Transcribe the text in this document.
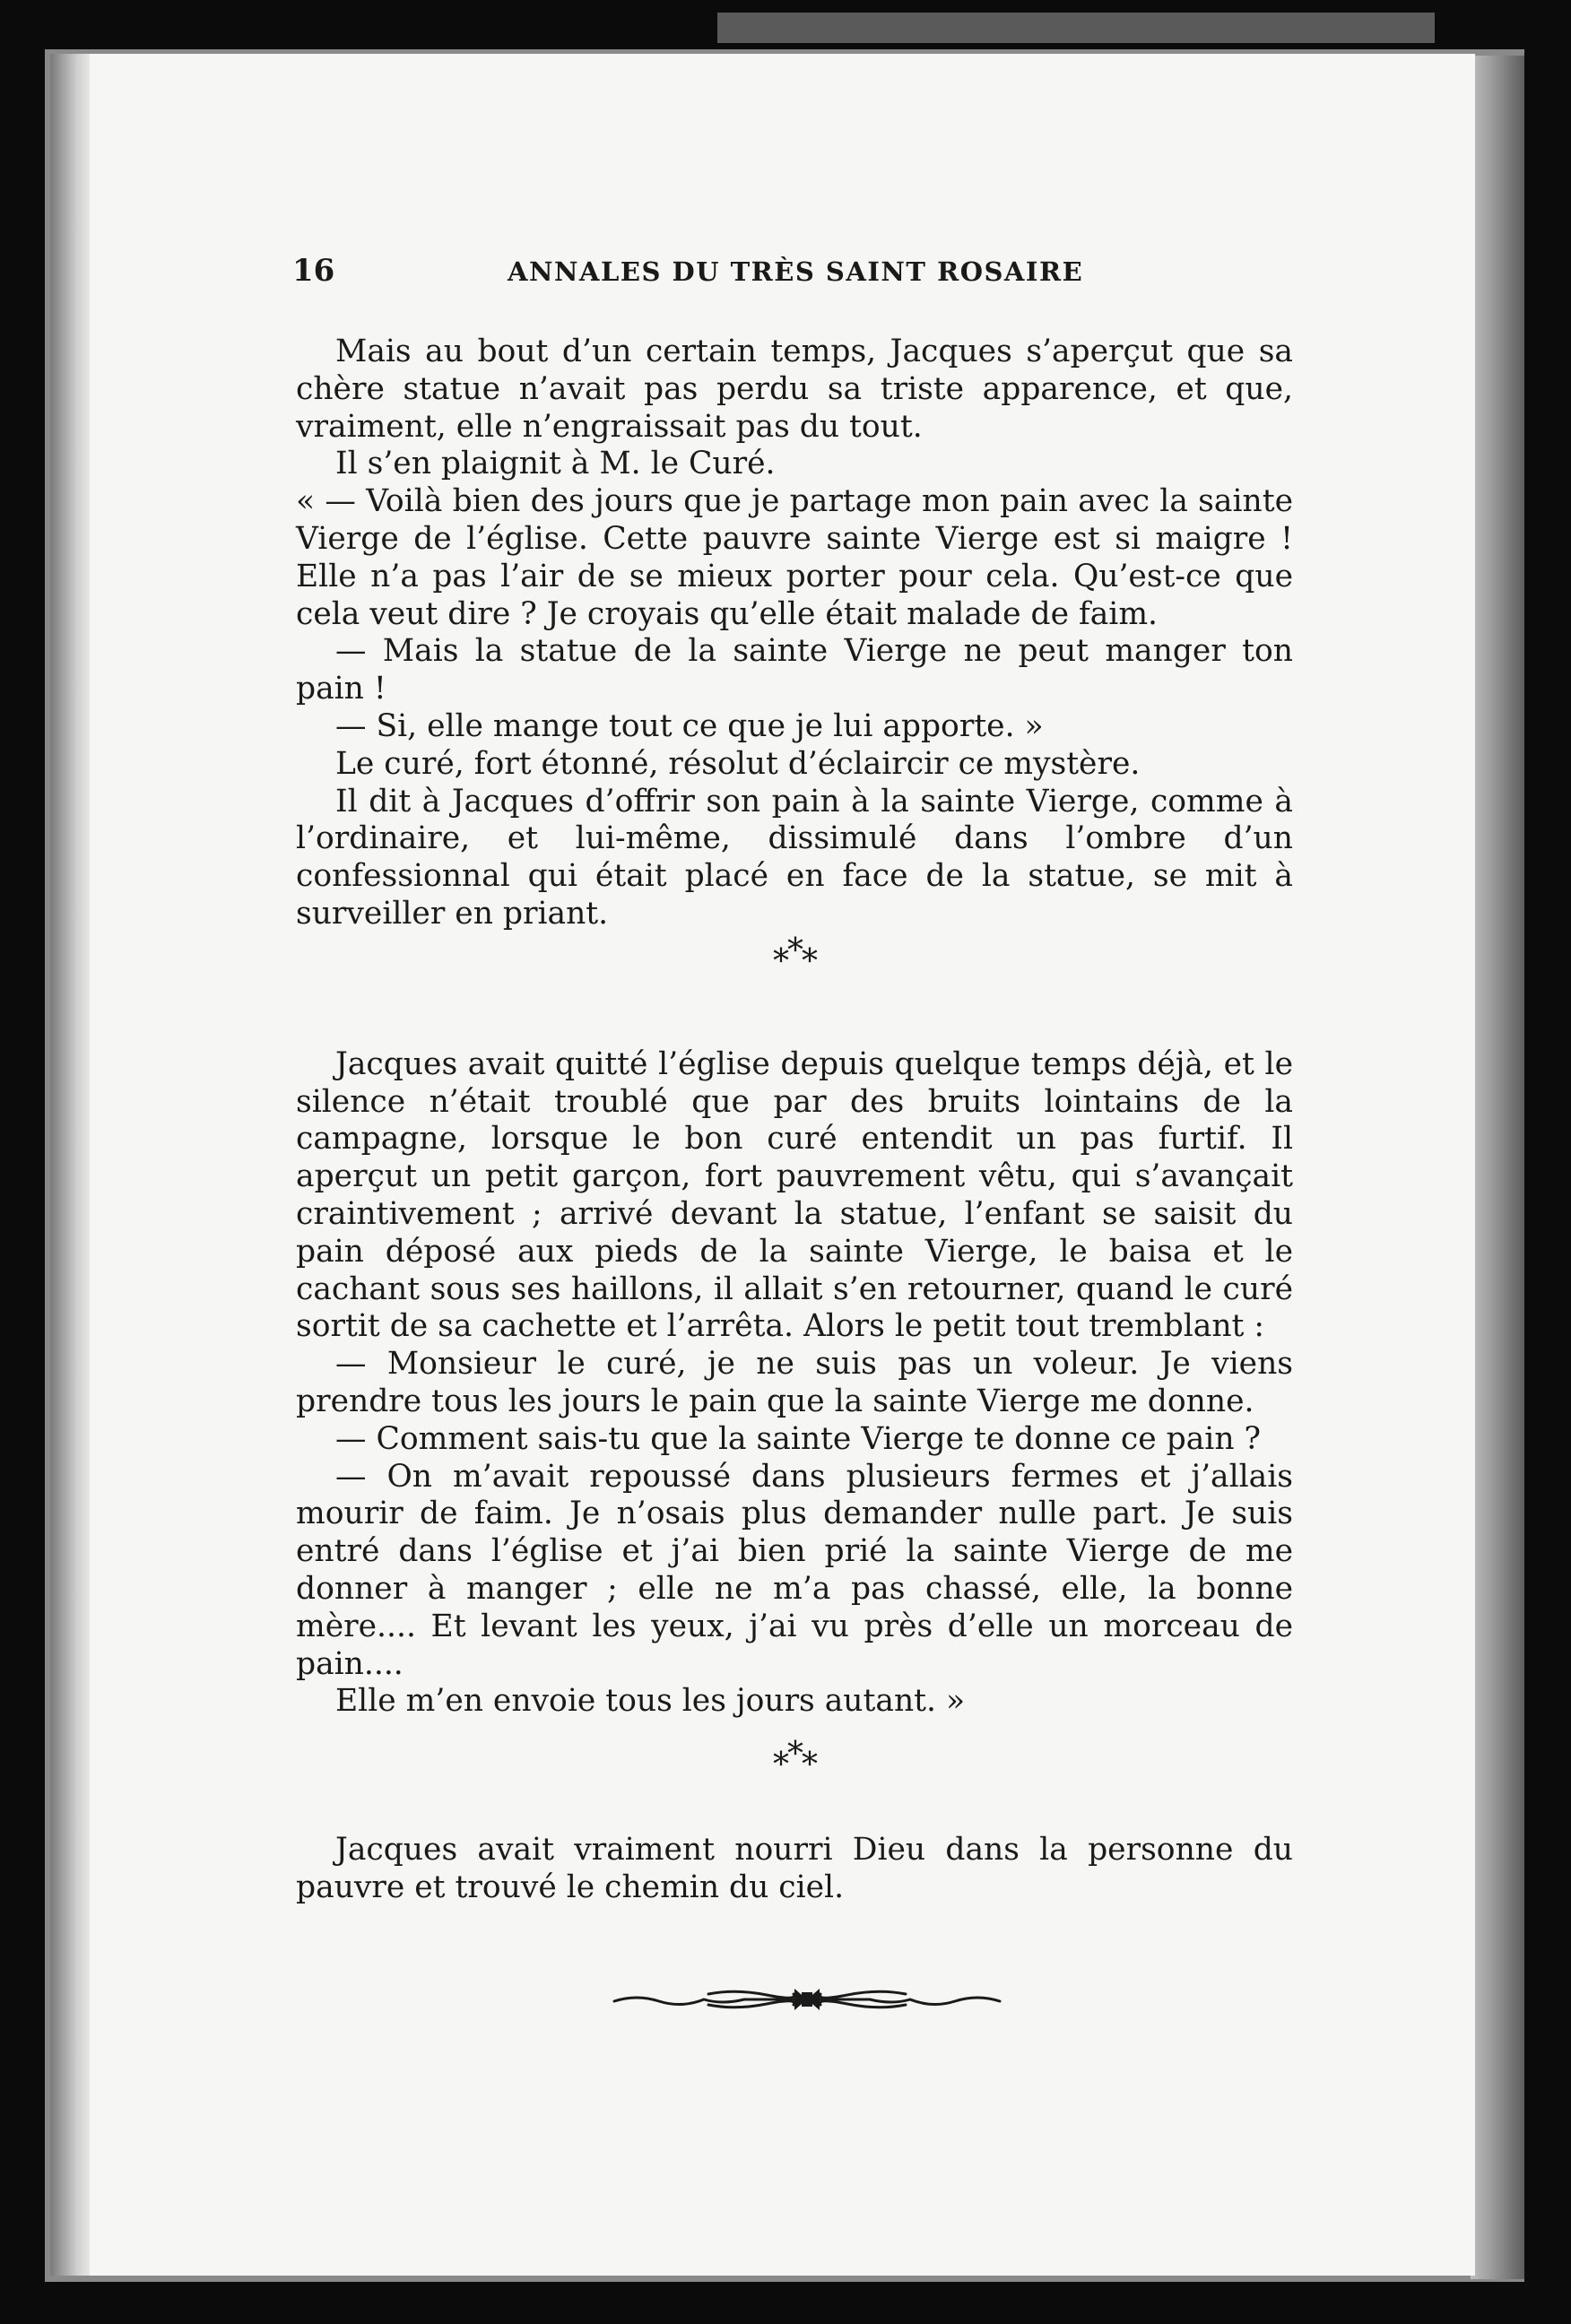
16	ANNALES DU TRÈS SAINT ROSAIRE

Mais au bout d’un certain temps, Jacques s’aperçut que sa chère statue n’avait pas perdu sa triste apparence, et que, vraiment, elle n’engraissait pas du tout.

Il s’en plaignit à M. le Curé.

« — Voilà bien des jours que je partage mon pain avec la sainte Vierge de l’église. Cette pauvre sainte Vierge est si maigre ! Elle n’a pas l’air de se mieux porter pour cela. Qu’est-ce que cela veut dire ? Je croyais qu’elle était malade de faim.

— Mais la statue de la sainte Vierge ne peut manger ton pain !

— Si, elle mange tout ce que je lui apporte. »

Le curé, fort étonné, résolut d’éclaircir ce mystère.

Il dit à Jacques d’offrir son pain à la sainte Vierge, comme à l’ordinaire, et lui-même, dissimulé dans l’ombre d’un confessionnal qui était placé en face de la statue, se mit à surveiller en priant.

***

Jacques avait quitté l’église depuis quelque temps déjà, et le silence n’était troublé que par des bruits lointains de la campagne, lorsque le bon curé entendit un pas furtif. Il aperçut un petit garçon, fort pauvrement vêtu, qui s’avançait craintivement ; arrivé devant la statue, l’enfant se saisit du pain déposé aux pieds de la sainte Vierge, le baisa et le cachant sous ses haillons, il allait s’en retourner, quand le curé sortit de sa cachette et l’arrêta. Alors le petit tout tremblant :

— Monsieur le curé, je ne suis pas un voleur. Je viens prendre tous les jours le pain que la sainte Vierge me donne.

— Comment sais-tu que la sainte Vierge te donne ce pain ?

— On m’avait repoussé dans plusieurs fermes et j’allais mourir de faim. Je n’osais plus demander nulle part. Je suis entré dans l’église et j’ai bien prié la sainte Vierge de me donner à manger ; elle ne m’a pas chassé, elle, la bonne mère.... Et levant les yeux, j’ai vu près d’elle un morceau de pain....

Elle m’en envoie tous les jours autant. »

***

Jacques avait vraiment nourri Dieu dans la personne du pauvre et trouvé le chemin du ciel.
